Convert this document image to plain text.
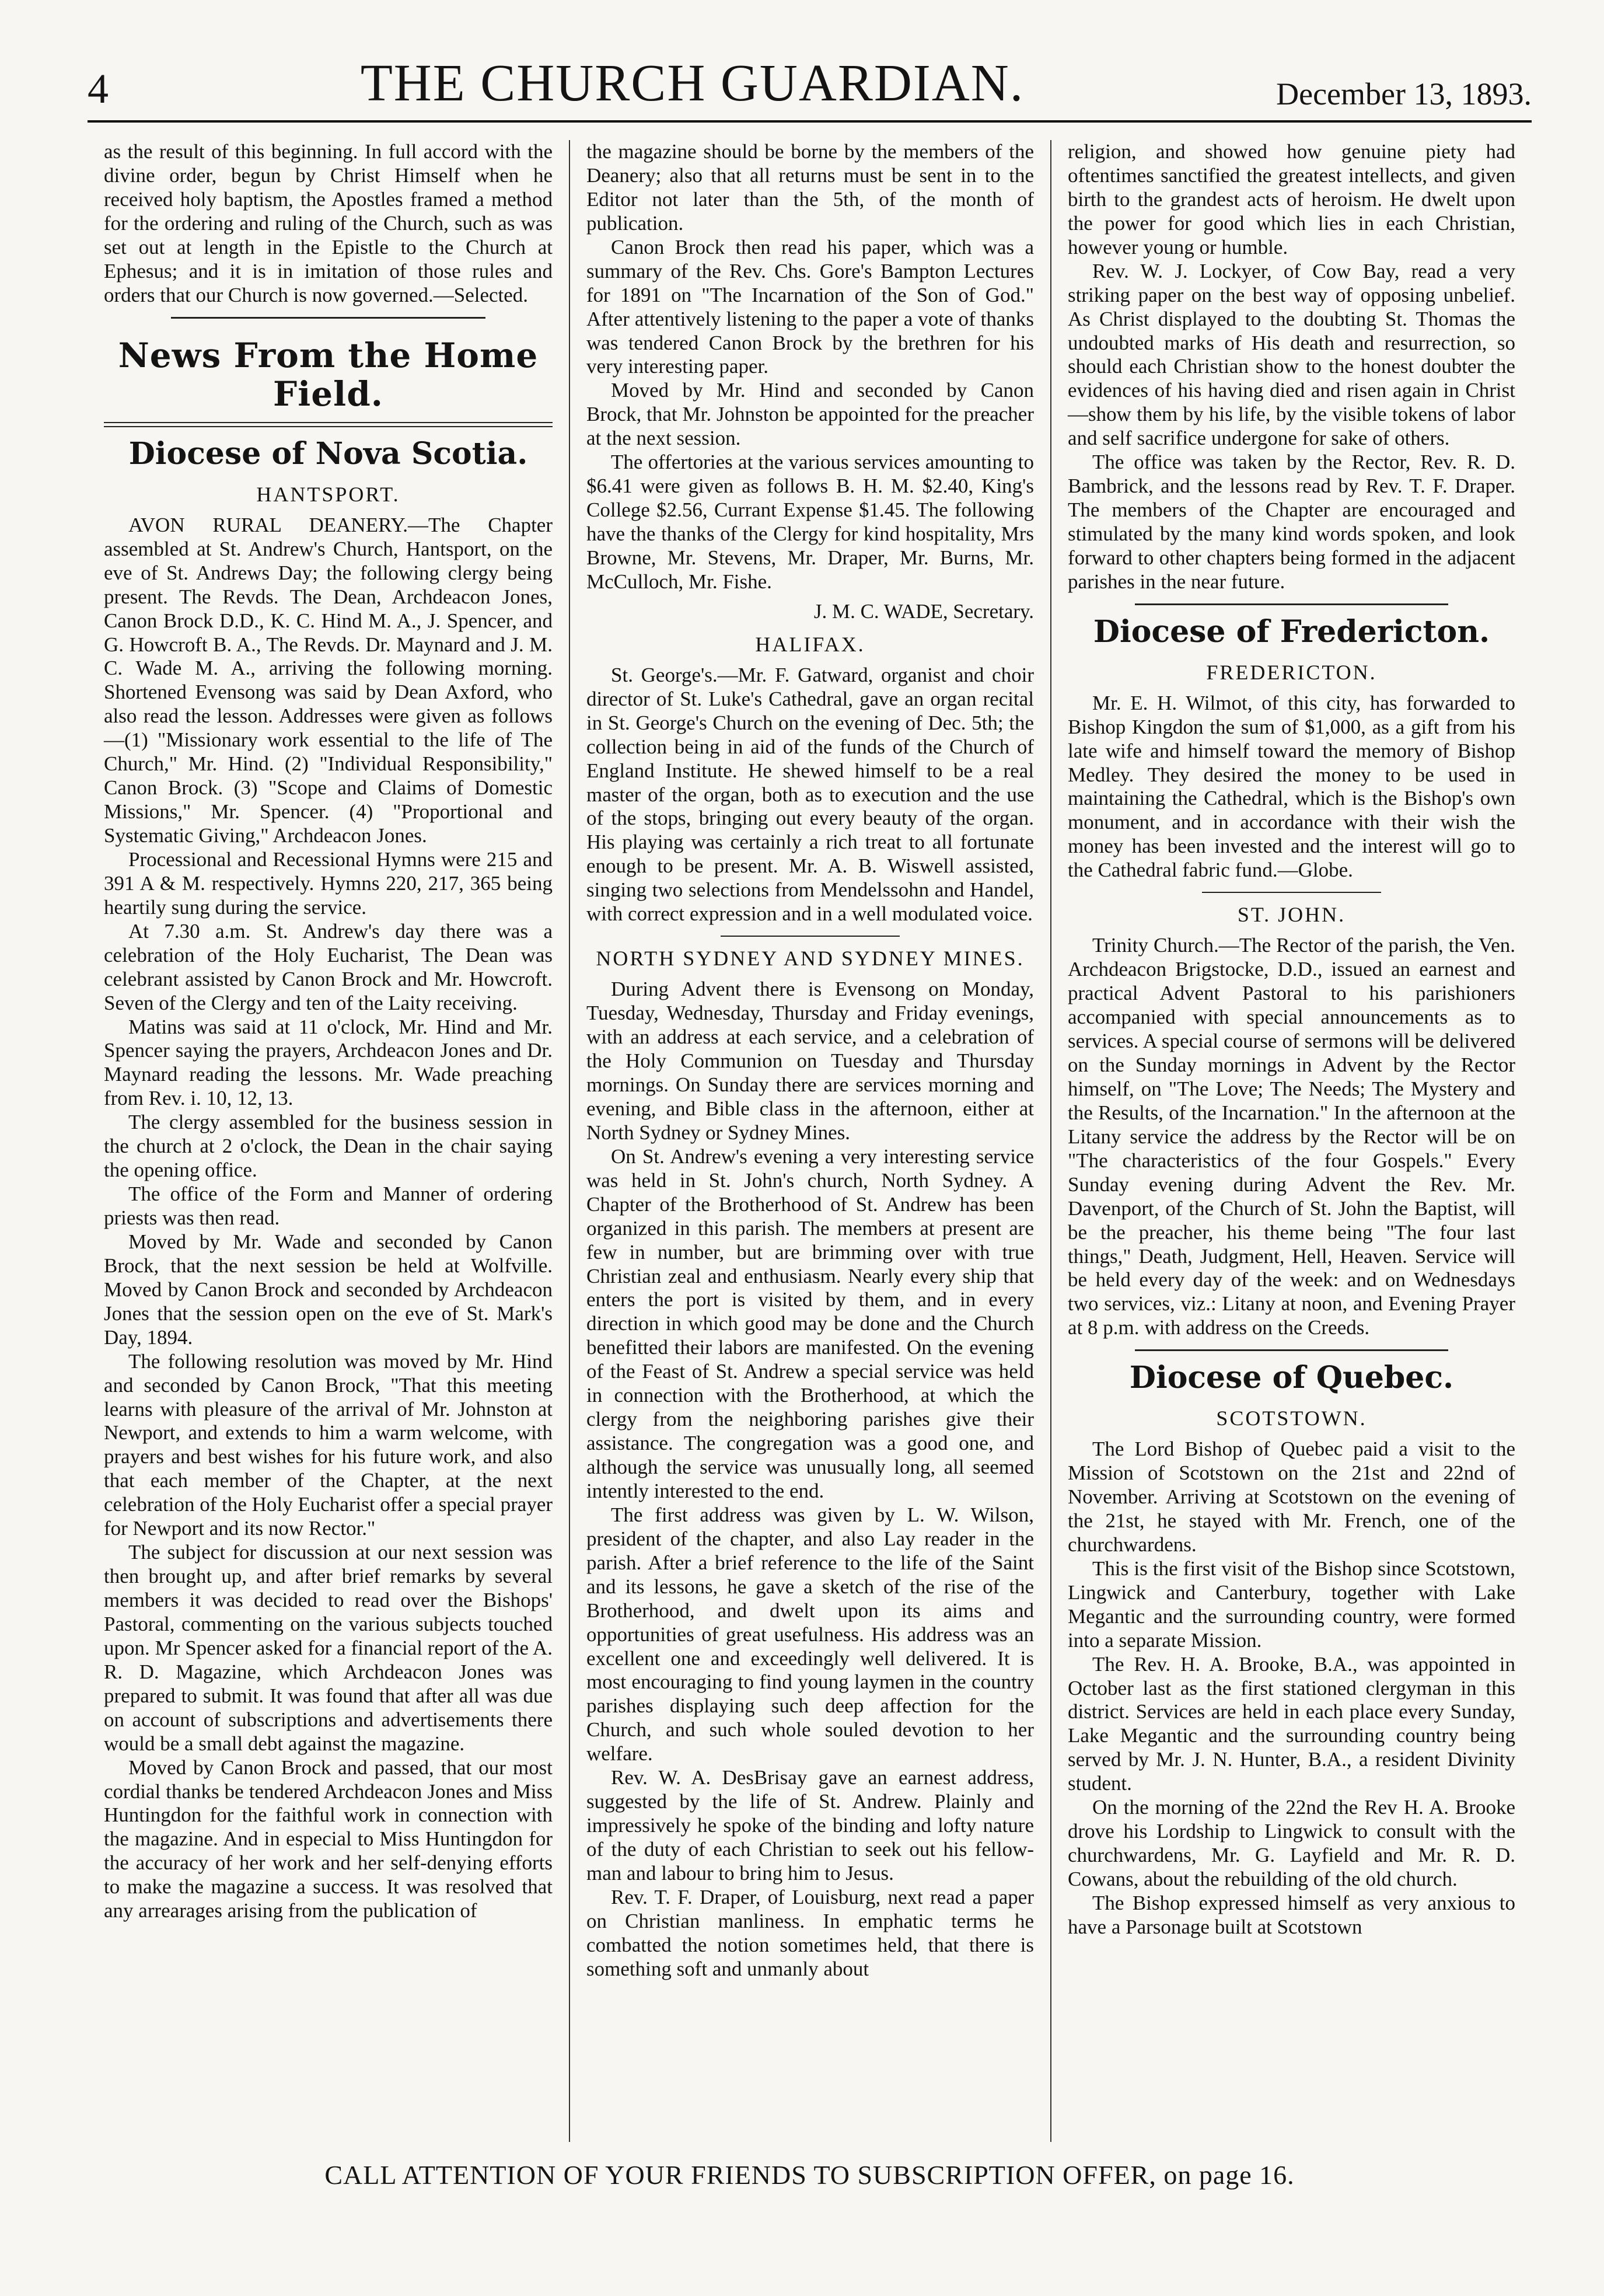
4	THE CHURCH GUARDIAN.	December 13, 1893.

as the result of this beginning. In full accord with the divine order, begun by Christ Himself when he received holy baptism, the Apostles framed a method for the ordering and ruling of the Church, such as was set out at length in the Epistle to the Church at Ephesus; and it is in imitation of those rules and orders that our Church is now governed.—Selected.

News From the Home Field.
Diocese of Nova Scotia.
HANTSPORT.

AVON RURAL DEANERY.—The Chapter assembled at St. Andrew's Church, Hantsport, on the eve of St. Andrews Day; the following clergy being present. The Revds. The Dean, Archdeacon Jones, Canon Brock D.D., K. C. Hind M. A., J. Spencer, and G. Howcroft B. A., The Revds. Dr. Maynard and J. M. C. Wade M. A., arriving the following morning. Shortened Evensong was said by Dean Axford, who also read the lesson. Addresses were given as follows—(1) "Missionary work essential to the life of The Church," Mr. Hind. (2) "Individual Responsibility," Canon Brock. (3) "Scope and Claims of Domestic Missions," Mr. Spencer. (4) "Proportional and Systematic Giving," Archdeacon Jones.

Processional and Recessional Hymns were 215 and 391 A & M. respectively. Hymns 220, 217, 365 being heartily sung during the service.

At 7.30 a.m. St. Andrew's day there was a celebration of the Holy Eucharist, The Dean was celebrant assisted by Canon Brock and Mr. Howcroft. Seven of the Clergy and ten of the Laity receiving.

Matins was said at 11 o'clock, Mr. Hind and Mr. Spencer saying the prayers, Archdeacon Jones and Dr. Maynard reading the lessons. Mr. Wade preaching from Rev. i. 10, 12, 13.

The clergy assembled for the business session in the church at 2 o'clock, the Dean in the chair saying the opening office.

The office of the Form and Manner of ordering priests was then read.

Moved by Mr. Wade and seconded by Canon Brock, that the next session be held at Wolfville. Moved by Canon Brock and seconded by Archdeacon Jones that the session open on the eve of St. Mark's Day, 1894.

The following resolution was moved by Mr. Hind and seconded by Canon Brock, "That this meeting learns with pleasure of the arrival of Mr. Johnston at Newport, and extends to him a warm welcome, with prayers and best wishes for his future work, and also that each member of the Chapter, at the next celebration of the Holy Eucharist offer a special prayer for Newport and its now Rector."

The subject for discussion at our next session was then brought up, and after brief remarks by several members it was decided to read over the Bishops' Pastoral, commenting on the various subjects touched upon. Mr Spencer asked for a financial report of the A. R. D. Magazine, which Archdeacon Jones was prepared to submit. It was found that after all was due on account of subscriptions and advertisements there would be a small debt against the magazine.

Moved by Canon Brock and passed, that our most cordial thanks be tendered Archdeacon Jones and Miss Huntingdon for the faithful work in connection with the magazine. And in especial to Miss Huntingdon for the accuracy of her work and her self-denying efforts to make the magazine a success. It was resolved that any arrearages arising from the publication of

the magazine should be borne by the members of the Deanery; also that all returns must be sent in to the Editor not later than the 5th, of the month of publication.

Canon Brock then read his paper, which was a summary of the Rev. Chs. Gore's Bampton Lectures for 1891 on "The Incarnation of the Son of God." After attentively listening to the paper a vote of thanks was tendered Canon Brock by the brethren for his very interesting paper.

Moved by Mr. Hind and seconded by Canon Brock, that Mr. Johnston be appointed for the preacher at the next session.

The offertories at the various services amounting to $6.41 were given as follows B. H. M. $2.40, King's College $2.56, Currant Expense $1.45. The following have the thanks of the Clergy for kind hospitality, Mrs Browne, Mr. Stevens, Mr. Draper, Mr. Burns, Mr. McCulloch, Mr. Fishe.

J. M. C. WADE, Secretary.

HALIFAX.

St. George's.—Mr. F. Gatward, organist and choir director of St. Luke's Cathedral, gave an organ recital in St. George's Church on the evening of Dec. 5th; the collection being in aid of the funds of the Church of England Institute. He shewed himself to be a real master of the organ, both as to execution and the use of the stops, bringing out every beauty of the organ. His playing was certainly a rich treat to all fortunate enough to be present. Mr. A. B. Wiswell assisted, singing two selections from Mendelssohn and Handel, with correct expression and in a well modulated voice.

NORTH SYDNEY AND SYDNEY MINES.

During Advent there is Evensong on Monday, Tuesday, Wednesday, Thursday and Friday evenings, with an address at each service, and a celebration of the Holy Communion on Tuesday and Thursday mornings. On Sunday there are services morning and evening, and Bible class in the afternoon, either at North Sydney or Sydney Mines.

On St. Andrew's evening a very interesting service was held in St. John's church, North Sydney. A Chapter of the Brotherhood of St. Andrew has been organized in this parish. The members at present are few in number, but are brimming over with true Christian zeal and enthusiasm. Nearly every ship that enters the port is visited by them, and in every direction in which good may be done and the Church benefitted their labors are manifested. On the evening of the Feast of St. Andrew a special service was held in connection with the Brotherhood, at which the clergy from the neighboring parishes give their assistance. The congregation was a good one, and although the service was unusually long, all seemed intently interested to the end.

The first address was given by L. W. Wilson, president of the chapter, and also Lay reader in the parish. After a brief reference to the life of the Saint and its lessons, he gave a sketch of the rise of the Brotherhood, and dwelt upon its aims and opportunities of great usefulness. His address was an excellent one and exceedingly well delivered. It is most encouraging to find young laymen in the country parishes displaying such deep affection for the Church, and such whole souled devotion to her welfare.

Rev. W. A. DesBrisay gave an earnest address, suggested by the life of St. Andrew. Plainly and impressively he spoke of the binding and lofty nature of the duty of each Christian to seek out his fellow-man and labour to bring him to Jesus.

Rev. T. F. Draper, of Louisburg, next read a paper on Christian manliness. In emphatic terms he combatted the notion sometimes held, that there is something soft and unmanly about

religion, and showed how genuine piety had oftentimes sanctified the greatest intellects, and given birth to the grandest acts of heroism. He dwelt upon the power for good which lies in each Christian, however young or humble.

Rev. W. J. Lockyer, of Cow Bay, read a very striking paper on the best way of opposing unbelief. As Christ displayed to the doubting St. Thomas the undoubted marks of His death and resurrection, so should each Christian show to the honest doubter the evidences of his having died and risen again in Christ—show them by his life, by the visible tokens of labor and self sacrifice undergone for sake of others.

The office was taken by the Rector, Rev. R. D. Bambrick, and the lessons read by Rev. T. F. Draper. The members of the Chapter are encouraged and stimulated by the many kind words spoken, and look forward to other chapters being formed in the adjacent parishes in the near future.

Diocese of Fredericton.
FREDERICTON.

Mr. E. H. Wilmot, of this city, has forwarded to Bishop Kingdon the sum of $1,000, as a gift from his late wife and himself toward the memory of Bishop Medley. They desired the money to be used in maintaining the Cathedral, which is the Bishop's own monument, and in accordance with their wish the money has been invested and the interest will go to the Cathedral fabric fund.—Globe.

ST. JOHN.

Trinity Church.—The Rector of the parish, the Ven. Archdeacon Brigstocke, D.D., issued an earnest and practical Advent Pastoral to his parishioners accompanied with special announcements as to services. A special course of sermons will be delivered on the Sunday mornings in Advent by the Rector himself, on "The Love; The Needs; The Mystery and the Results, of the Incarnation." In the afternoon at the Litany service the address by the Rector will be on "The characteristics of the four Gospels." Every Sunday evening during Advent the Rev. Mr. Davenport, of the Church of St. John the Baptist, will be the preacher, his theme being "The four last things," Death, Judgment, Hell, Heaven. Service will be held every day of the week: and on Wednesdays two services, viz.: Litany at noon, and Evening Prayer at 8 p.m. with address on the Creeds.

Diocese of Quebec.
SCOTSTOWN.

The Lord Bishop of Quebec paid a visit to the Mission of Scotstown on the 21st and 22nd of November. Arriving at Scotstown on the evening of the 21st, he stayed with Mr. French, one of the churchwardens.

This is the first visit of the Bishop since Scotstown, Lingwick and Canterbury, together with Lake Megantic and the surrounding country, were formed into a separate Mission.

The Rev. H. A. Brooke, B.A., was appointed in October last as the first stationed clergyman in this district. Services are held in each place every Sunday, Lake Megantic and the surrounding country being served by Mr. J. N. Hunter, B.A., a resident Divinity student.

On the morning of the 22nd the Rev H. A. Brooke drove his Lordship to Lingwick to consult with the churchwardens, Mr. G. Layfield and Mr. R. D. Cowans, about the rebuilding of the old church.

The Bishop expressed himself as very anxious to have a Parsonage built at Scotstown

CALL ATTENTION OF YOUR FRIENDS TO SUBSCRIPTION OFFER, on page 16.
